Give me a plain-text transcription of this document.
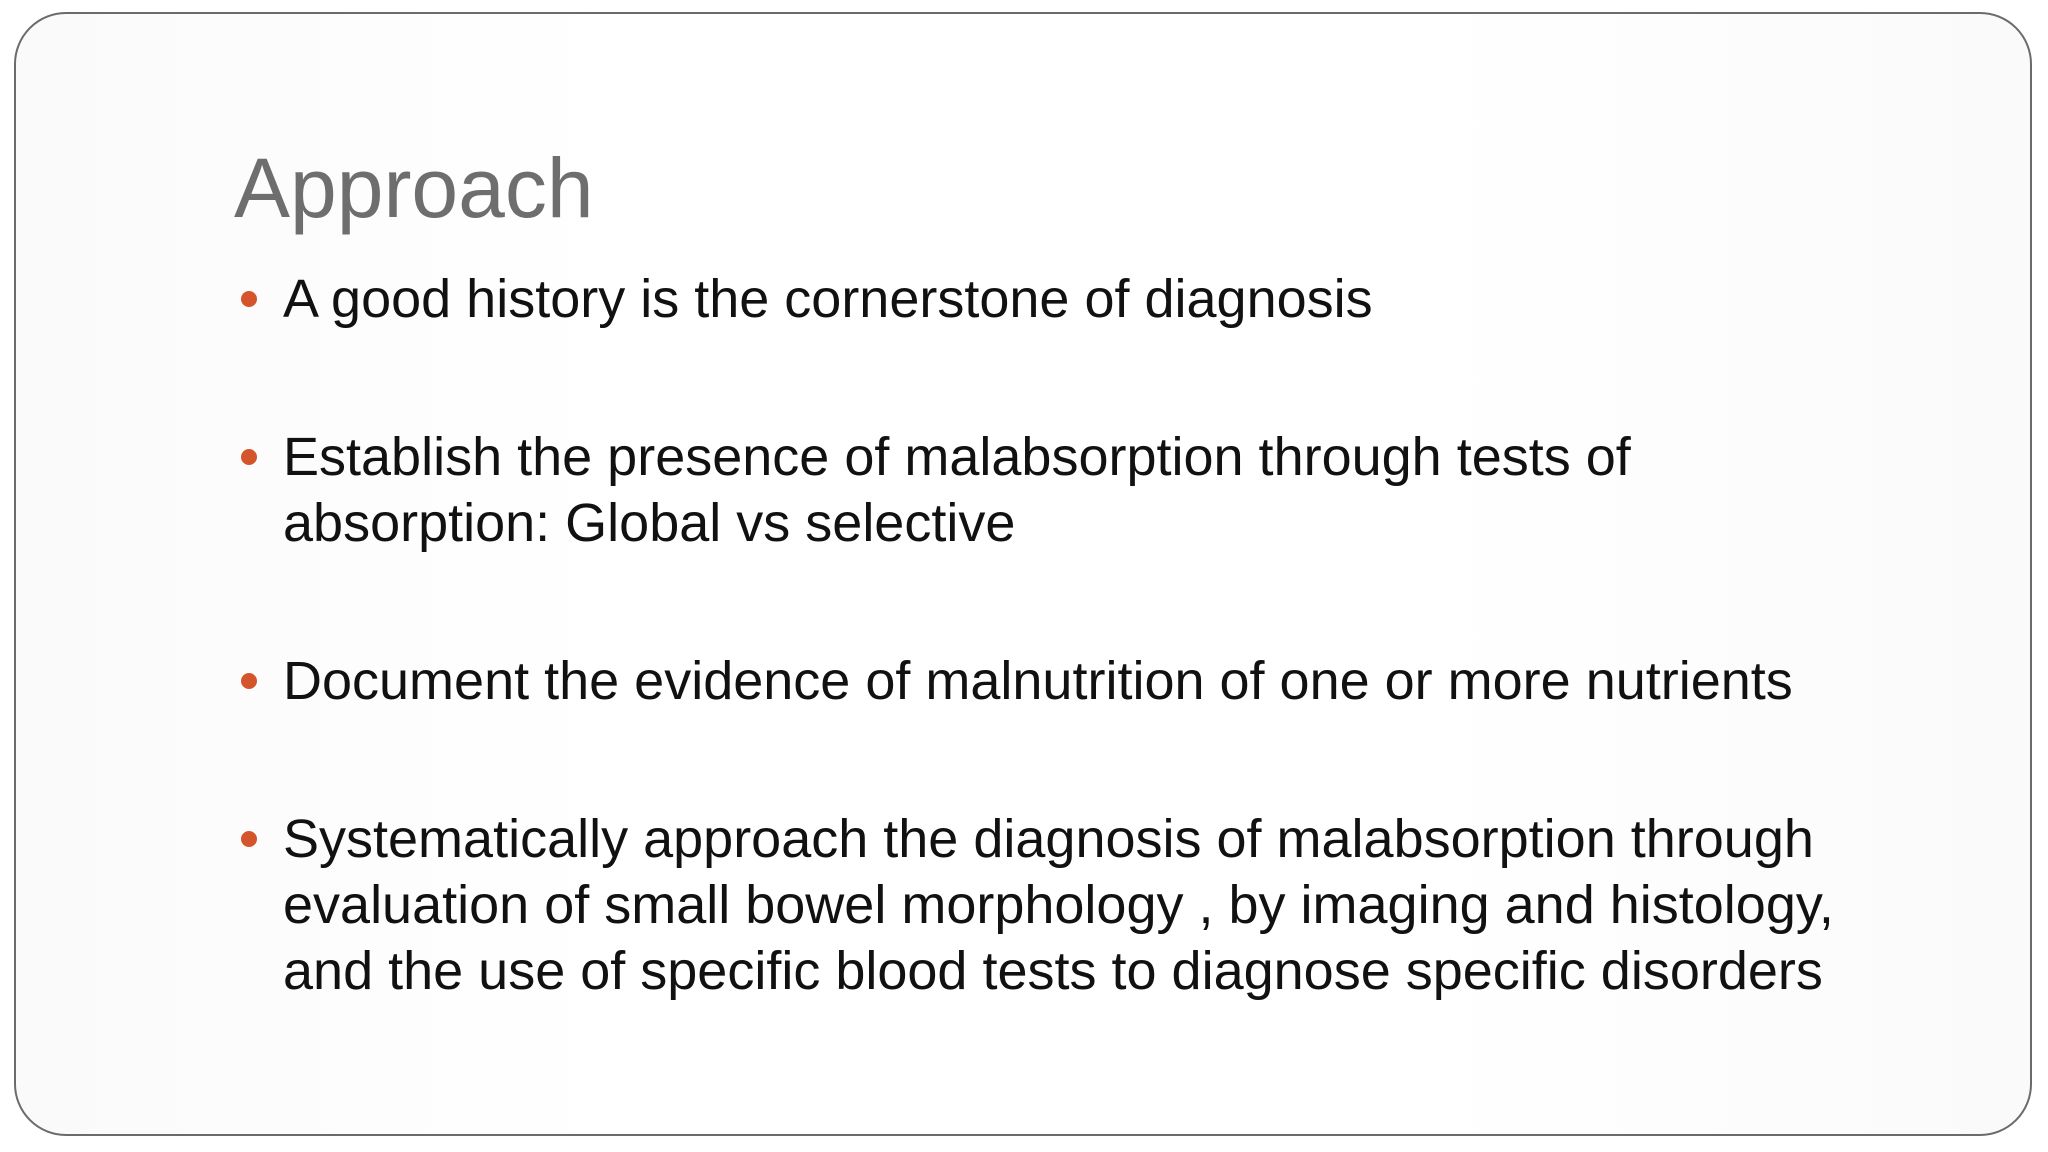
Approach
A good history is the cornerstone of diagnosis
Establish the presence of malabsorption through tests of
absorption: Global vs selective
Document the evidence of malnutrition of one or more nutrients
Systematically approach the diagnosis of malabsorption through
evaluation of small bowel morphology , by imaging and histology,
and the use of specific blood tests to diagnose specific disorders
